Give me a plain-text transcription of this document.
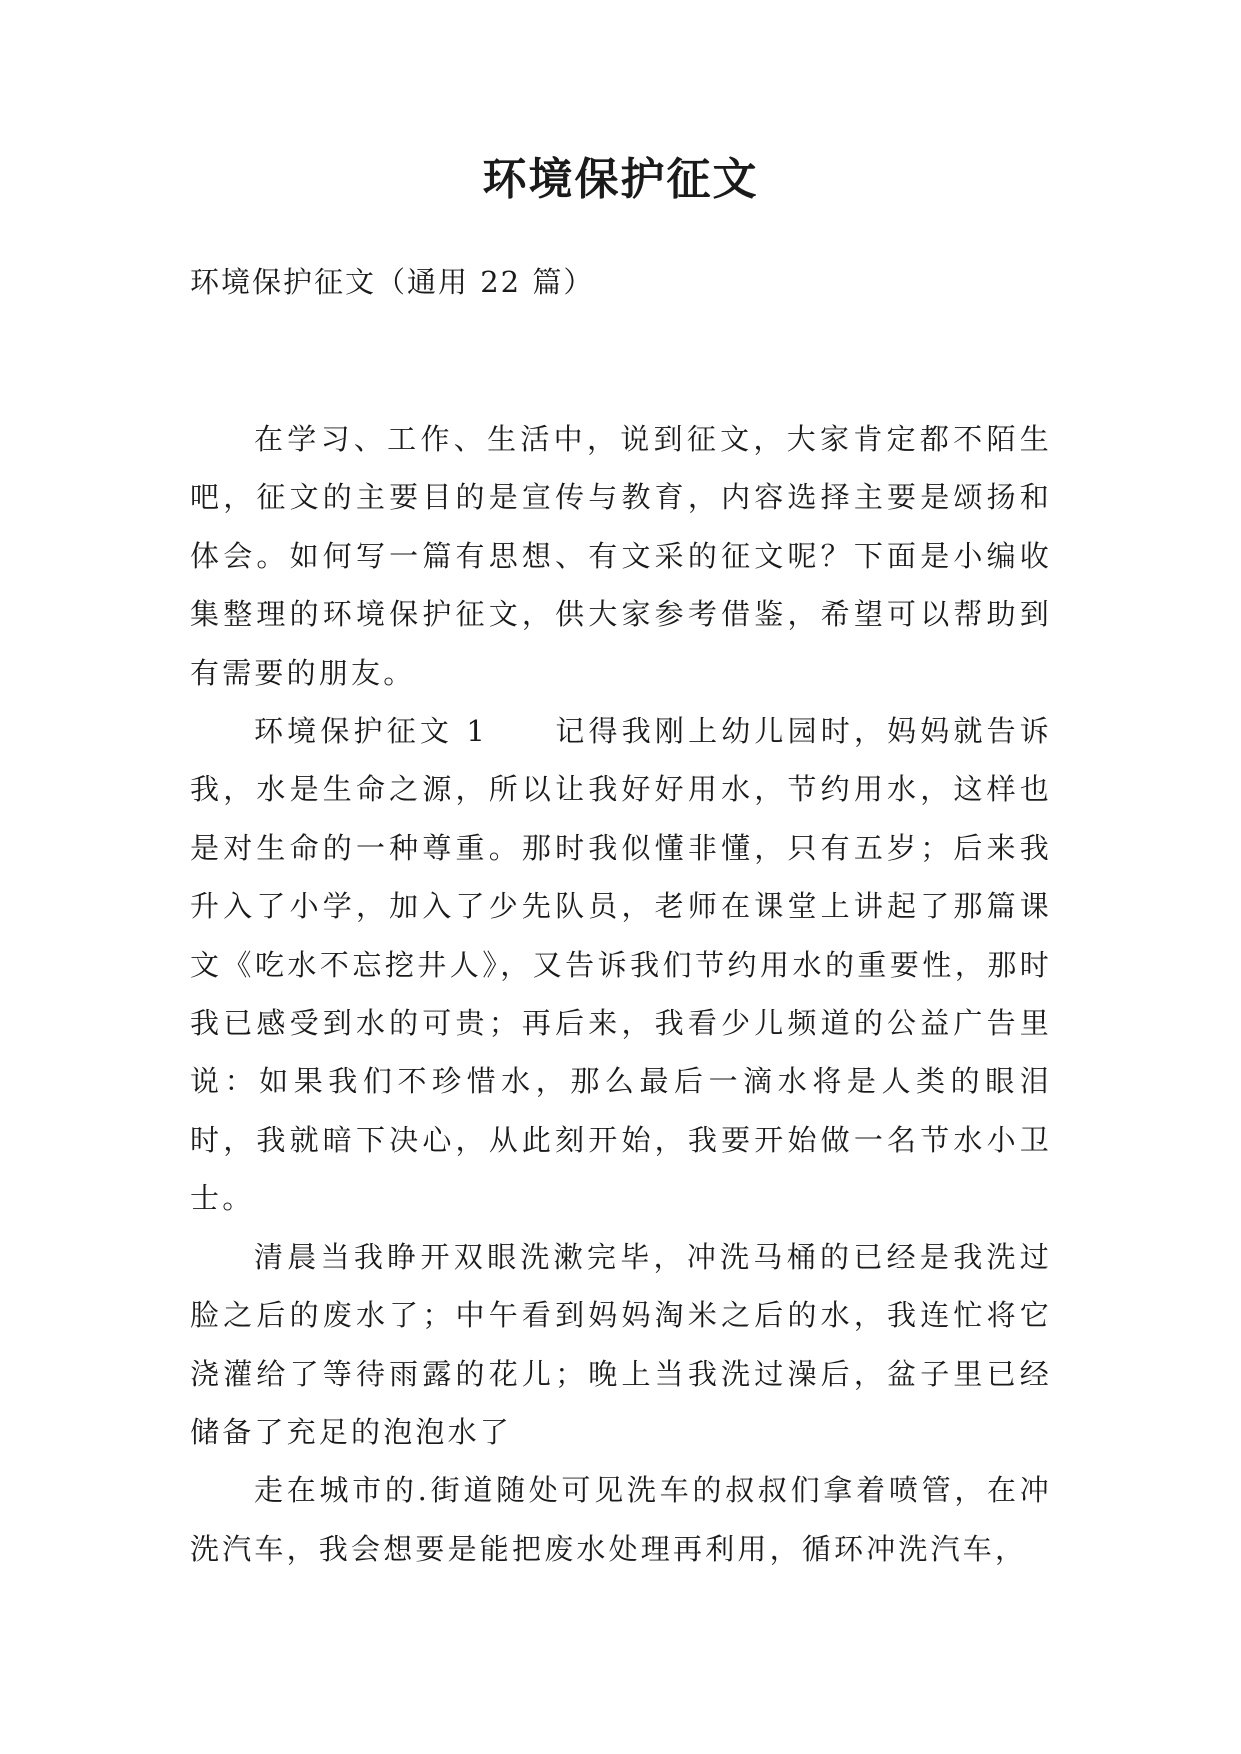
环境保护征文
环境保护征文（通用 22 篇）

在学习、工作、生活中，说到征文，大家肯定都不陌生吧，征文的主要目的是宣传与教育，内容选择主要是颂扬和体会。如何写一篇有思想、有文采的征文呢？下面是小编收集整理的环境保护征文，供大家参考借鉴，希望可以帮助到有需要的朋友。

环境保护征文 1　　记得我刚上幼儿园时，妈妈就告诉我，水是生命之源，所以让我好好用水，节约用水，这样也是对生命的一种尊重。那时我似懂非懂，只有五岁；后来我升入了小学，加入了少先队员，老师在课堂上讲起了那篇课文《吃水不忘挖井人》，又告诉我们节约用水的重要性，那时我已感受到水的可贵；再后来，我看少儿频道的公益广告里说：如果我们不珍惜水，那么最后一滴水将是人类的眼泪时，我就暗下决心，从此刻开始，我要开始做一名节水小卫士。

清晨当我睁开双眼洗漱完毕，冲洗马桶的已经是我洗过脸之后的废水了；中午看到妈妈淘米之后的水，我连忙将它浇灌给了等待雨露的花儿；晚上当我洗过澡后，盆子里已经储备了充足的泡泡水了

走在城市的.街道随处可见洗车的叔叔们拿着喷管，在冲洗汽车，我会想要是能把废水处理再利用，循环冲洗汽车，
